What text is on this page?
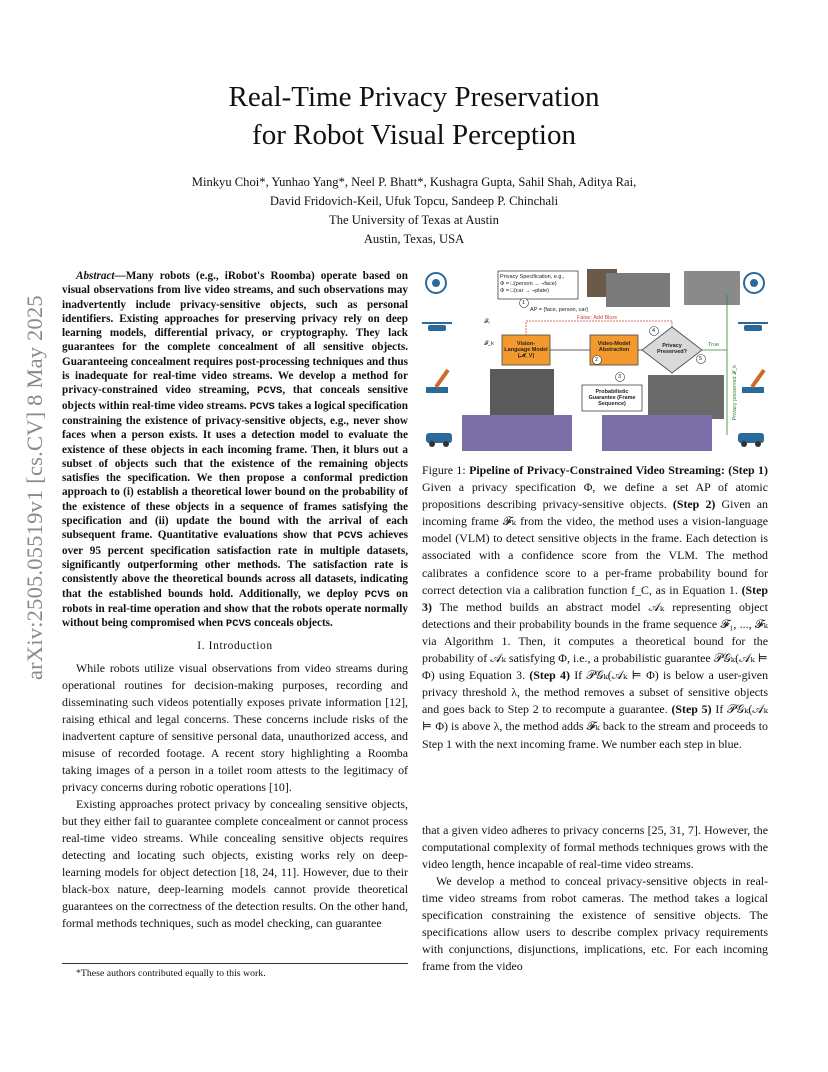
arXiv:2505.05519v1 [cs.CV] 8 May 2025
Real-Time Privacy Preservation
for Robot Visual Perception
Minkyu Choi*, Yunhao Yang*, Neel P. Bhatt*, Kushagra Gupta, Sahil Shah, Aditya Rai,
David Fridovich-Keil, Ufuk Topcu, Sandeep P. Chinchali
The University of Texas at Austin
Austin, Texas, USA

Abstract—Many robots (e.g., iRobot's Roomba) operate based on visual observations from live video streams, and such observations may inadvertently include privacy-sensitive objects, such as personal identifiers. Existing approaches for preserving privacy rely on deep learning models, differential privacy, or cryptography. They lack guarantees for the complete concealment of all sensitive objects. Guaranteeing concealment requires post-processing techniques and thus is inadequate for real-time video streams. We develop a method for privacy-constrained video streaming, PCVS, that conceals sensitive objects within real-time video streams. PCVS takes a logical specification constraining the existence of privacy-sensitive objects, e.g., never show faces when a person exists. It uses a detection model to evaluate the existence of these objects in each incoming frame. Then, it blurs out a subset of objects such that the existence of the remaining objects satisfies the specification. We then propose a conformal prediction approach to (i) establish a theoretical lower bound on the probability of the existence of these objects in a sequence of frames satisfying the specification and (ii) update the bound with the arrival of each subsequent frame. Quantitative evaluations show that PCVS achieves over 95 percent specification satisfaction rate in multiple datasets, significantly outperforming other methods. The satisfaction rate is consistently above the theoretical bounds across all datasets, indicating that the established bounds hold. Additionally, we deploy PCVS on robots in real-time operation and show that the robots operate normally without being compromised when PCVS conceals objects.

I. Introduction

While robots utilize visual observations from video streams during operational routines for decision-making purposes, recording and disseminating such videos potentially exposes private information [12], raising ethical and legal concerns. These concerns include risks of the inadvertent capture of sensitive personal data, unauthorized access, and misuse of recorded footage. A recent story highlighting a Roomba taking images of a person in a toilet room attests to the legitimacy of privacy concerns during robotic operations [10].

Existing approaches protect privacy by concealing sensitive objects, but they either fail to guarantee complete concealment or cannot process real-time video streams. While concealing sensitive objects requires detecting and locating such objects, existing works rely on deep-learning models for object detection [18, 24, 11]. However, due to their black-box nature, deep-learning models cannot provide theoretical guarantees on the correctness of the detection results. On the other hand, formal methods techniques, such as model checking, can guarantee

*These authors contributed equally to this work.
Privacy Specification, e.g.,
Φ = □(person → ¬face)
Φ = □(car → ¬plate)
AP = {face, person, car}
False: Add Blurs
Vision-Language Model (𝓜_V)
Video-Model Abstraction
Privacy Preserved?
True
Probabilistic Guarantee (Frame Sequence)
𝓕₁
𝓕_k
Privacy preserved 𝓕_k
1
2
3
4
5
Figure 1: Pipeline of Privacy-Constrained Video Streaming: (Step 1) Given a privacy specification Φ, we define a set AP of atomic propositions describing privacy-sensitive objects. (Step 2) Given an incoming frame 𝓕ₖ from the video, the method uses a vision-language model (VLM) to detect sensitive objects in the frame. Each detection is associated with a confidence score from the VLM. The method calibrates a confidence score to a per-frame probability bound for correct detection via a calibration function f_C, as in Equation 1. (Step 3) The method builds an abstract model 𝒜ₖ representing object detections and their probability bounds in the frame sequence 𝓕₁, ..., 𝓕ₖ via Algorithm 1. Then, it computes a theoretical bound for the probability of 𝒜ₖ satisfying Φ, i.e., a probabilistic guarantee 𝒫𝒢ₖ(𝒜ₖ ⊨ Φ) using Equation 3. (Step 4) If 𝒫𝒢ₖ(𝒜ₖ ⊨ Φ) is below a user-given privacy threshold λ, the method removes a subset of sensitive objects and goes back to Step 2 to recompute a guarantee. (Step 5) If 𝒫𝒢ₖ(𝒜ₖ ⊨ Φ) is above λ, the method adds 𝓕ₖ back to the stream and proceeds to Step 1 with the next incoming frame. We number each step in blue.

that a given video adheres to privacy concerns [25, 31, 7]. However, the computational complexity of formal methods techniques grows with the video length, hence incapable of real-time video streams.

We develop a method to conceal privacy-sensitive objects in real-time video streams from robot cameras. The method takes a logical specification constraining the existence of sensitive objects. The specifications allow users to describe complex privacy requirements with conjunctions, disjunctions, implications, etc. For each incoming frame from the video
